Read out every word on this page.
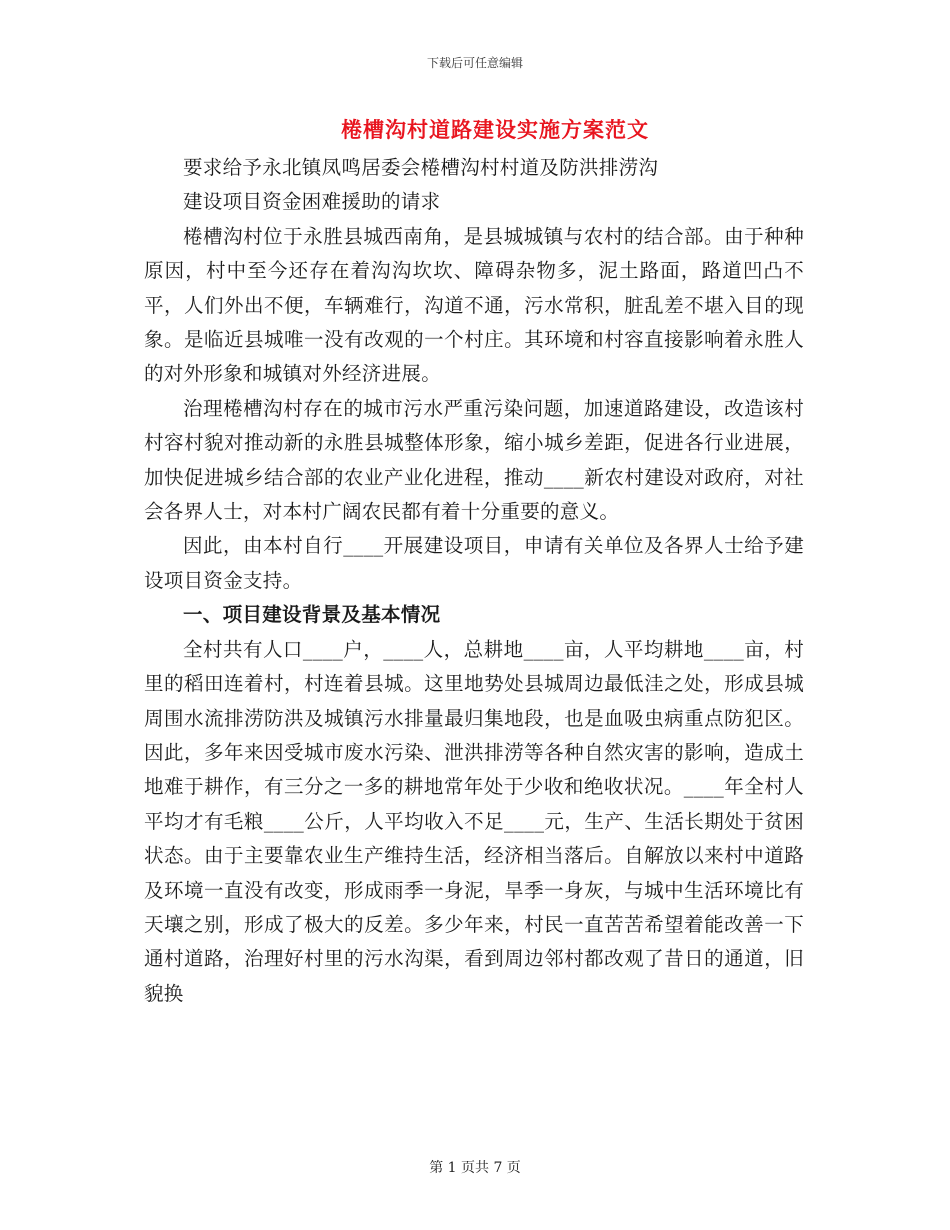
下载后可任意编辑
棬槽沟村道路建设实施方案范文

要求给予永北镇凤鸣居委会棬槽沟村村道及防洪排涝沟

建设项目资金困难援助的请求

棬槽沟村位于永胜县城西南角，是县城城镇与农村的结合部。由于种种原因，村中至今还存在着沟沟坎坎、障碍杂物多，泥土路面，路道凹凸不平，人们外出不便，车辆难行，沟道不通，污水常积，脏乱差不堪入目的现象。是临近县城唯一没有改观的一个村庄。其环境和村容直接影响着永胜人的对外形象和城镇对外经济进展。

治理棬槽沟村存在的城市污水严重污染问题，加速道路建设，改造该村村容村貌对推动新的永胜县城整体形象，缩小城乡差距，促进各行业进展，加快促进城乡结合部的农业产业化进程，推动____新农村建设对政府，对社会各界人士，对本村广阔农民都有着十分重要的意义。

因此，由本村自行____开展建设项目，申请有关单位及各界人士给予建设项目资金支持。

一、项目建设背景及基本情况

全村共有人口____户，____人，总耕地____亩，人平均耕地____亩，村里的稻田连着村，村连着县城。这里地势处县城周边最低洼之处，形成县城周围水流排涝防洪及城镇污水排量最归集地段，也是血吸虫病重点防犯区。因此，多年来因受城市废水污染、泄洪排涝等各种自然灾害的影响，造成土地难于耕作，有三分之一多的耕地常年处于少收和绝收状况。____年全村人平均才有毛粮____公斤，人平均收入不足____元，生产、生活长期处于贫困状态。由于主要靠农业生产维持生活，经济相当落后。自解放以来村中道路及环境一直没有改变，形成雨季一身泥，旱季一身灰，与城中生活环境比有天壤之别，形成了极大的反差。多少年来，村民一直苦苦希望着能改善一下通村道路，治理好村里的污水沟渠，看到周边邻村都改观了昔日的通道，旧貌换

第 1 页共 7 页
